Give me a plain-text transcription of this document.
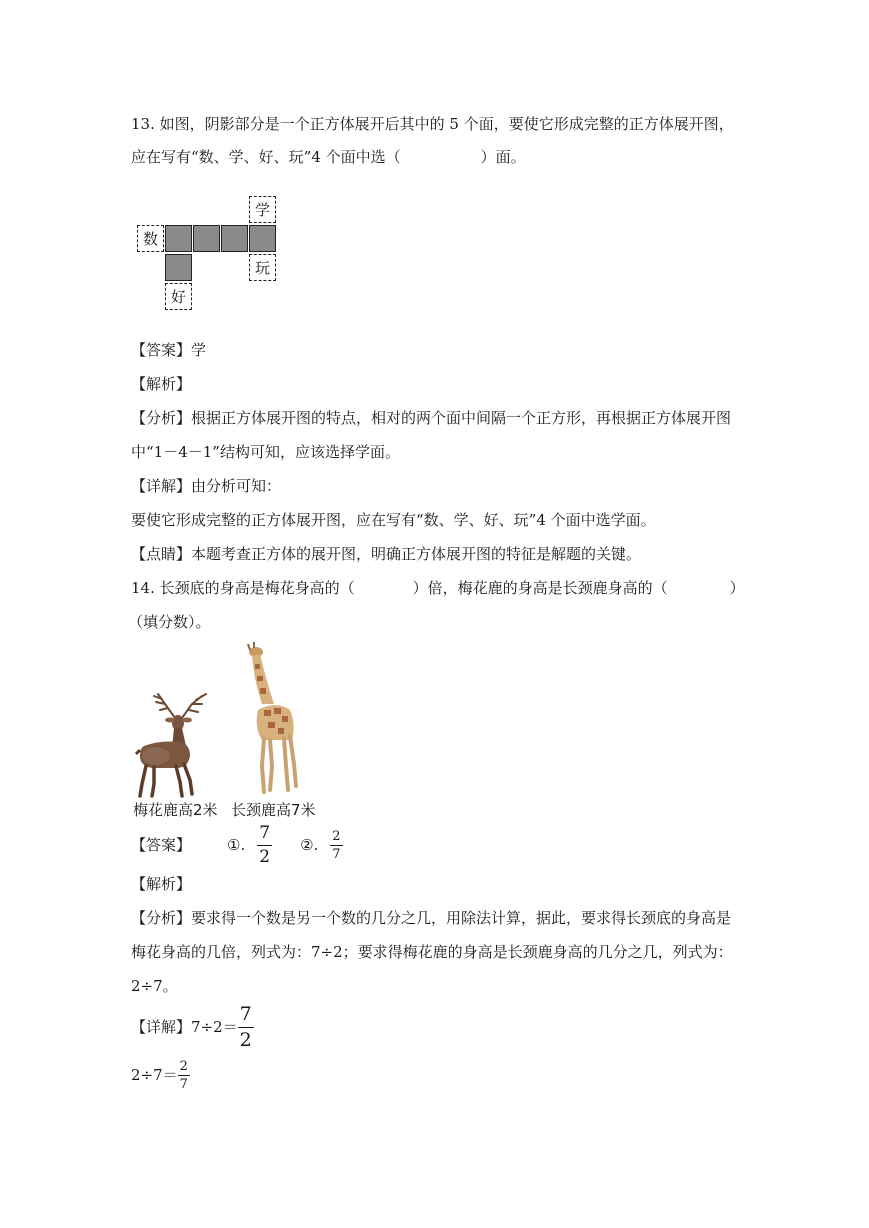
13. 如图，阴影部分是一个正方体展开后其中的 5 个面，要使它形成完整的正方体展开图，
应在写有“数、学、好、玩”4 个面中选（	）面。
学
数
玩
好
【答案】学
【解析】
【分析】根据正方体展开图的特点，相对的两个面中间隔一个正方形，再根据正方体展开图
中“1－4－1”结构可知，应该选择学面。
【详解】由分析可知：
要使它形成完整的正方体展开图，应在写有“数、学、好、玩”4 个面中选学面。
【点睛】本题考查正方体的展开图，明确正方体展开图的特征是解题的关键。
14. 长颈底的身高是梅花身高的（	）倍，梅花鹿的身高是长颈鹿身高的（	）
（填分数）。
梅花鹿高2米 长颈鹿高7米
【答案】 ①. $\frac{7}{2}$ ②. $\frac{2}{7}$
【解析】
【分析】要求得一个数是另一个数的几分之几，用除法计算，据此，要求得长颈底的身高是
梅花身高的几倍，列式为：7÷2；要求得梅花鹿的身高是长颈鹿身高的几分之几，列式为：
2÷7。
【详解】 $7\div 2= \frac{7}{2}$
$2\div 7= \frac{2}{7}$
